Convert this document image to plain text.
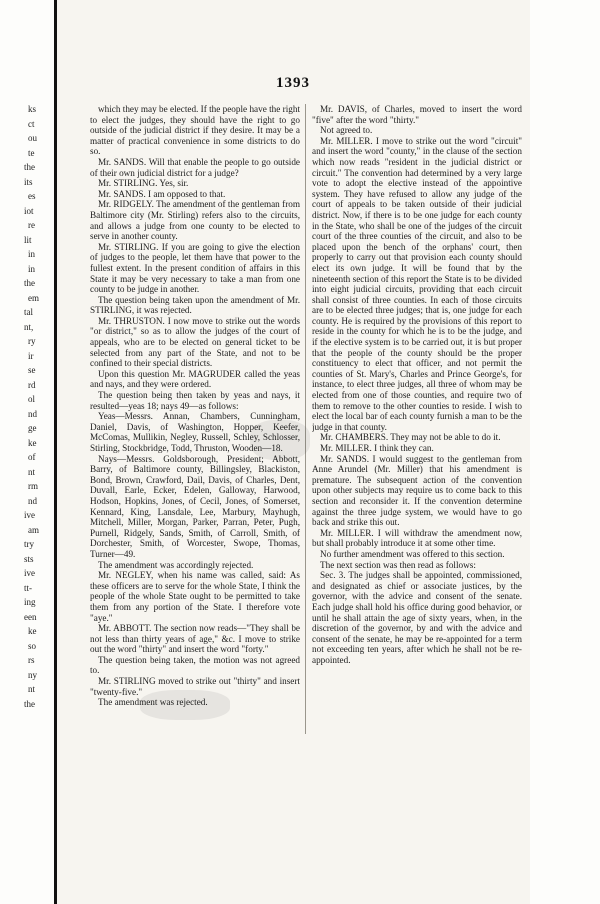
ks
ct
ou
te
the
its
es
iot
re
lit
in
in
the
em
tal
nt,
ry
ir
se
rd
ol
nd
ge
ke
of
nt
rm
nd
ive
am
try
sts
ive
tt-
ing
een
ke
so
rs
ny
nt
the
1393

which they may be elected. If the people have the right to elect the judges, they should have the right to go outside of the judicial district if they desire. It may be a matter of practical convenience in some districts to do so.

Mr. SANDS. Will that enable the people to go outside of their own judicial district for a judge?

Mr. STIRLING. Yes, sir.

Mr. SANDS. I am opposed to that.

Mr. RIDGELY. The amendment of the gentleman from Baltimore city (Mr. Stirling) refers also to the circuits, and allows a judge from one county to be elected to serve in another county.

Mr. STIRLING. If you are going to give the election of judges to the people, let them have that power to the fullest extent. In the present condition of affairs in this State it may be very necessary to take a man from one county to be judge in another.

The question being taken upon the amendment of Mr. STIRLING, it was rejected.

Mr. THRUSTON. I now move to strike out the words "or district," so as to allow the judges of the court of appeals, who are to be elected on general ticket to be selected from any part of the State, and not to be confined to their special districts.

Upon this question Mr. MAGRUDER called the yeas and nays, and they were ordered.

The question being then taken by yeas and nays, it resulted—yeas 18; nays 49—as follows:

Yeas—Messrs. Annan, Chambers, Cunningham, Daniel, Davis, of Washington, Hopper, Keefer, McComas, Mullikin, Negley, Russell, Schley, Schlosser, Stirling, Stockbridge, Todd, Thruston, Wooden—18.

Nays—Messrs. Goldsborough, President; Abbott, Barry, of Baltimore county, Billingsley, Blackiston, Bond, Brown, Crawford, Dail, Davis, of Charles, Dent, Duvall, Earle, Ecker, Edelen, Galloway, Harwood, Hodson, Hopkins, Jones, of Cecil, Jones, of Somerset, Kennard, King, Lansdale, Lee, Marbury, Mayhugh, Mitchell, Miller, Morgan, Parker, Parran, Peter, Pugh, Purnell, Ridgely, Sands, Smith, of Carroll, Smith, of Dorchester, Smith, of Worcester, Swope, Thomas, Turner—49.

The amendment was accordingly rejected.

Mr. NEGLEY, when his name was called, said: As these officers are to serve for the whole State, I think the people of the whole State ought to be permitted to take them from any portion of the State. I therefore vote "aye."

Mr. ABBOTT. The section now reads—"They shall be not less than thirty years of age," &c. I move to strike out the word "thirty" and insert the word "forty."

The question being taken, the motion was not agreed to.

Mr. STIRLING moved to strike out "thirty" and insert "twenty-five."

The amendment was rejected.

Mr. DAVIS, of Charles, moved to insert the word "five" after the word "thirty."

Not agreed to.

Mr. MILLER. I move to strike out the word "circuit" and insert the word "county," in the clause of the section which now reads "resident in the judicial district or circuit." The convention had determined by a very large vote to adopt the elective instead of the appointive system. They have refused to allow any judge of the court of appeals to be taken outside of their judicial district. Now, if there is to be one judge for each county in the State, who shall be one of the judges of the circuit court of the three counties of the circuit, and also to be placed upon the bench of the orphans' court, then properly to carry out that provision each county should elect its own judge. It will be found that by the nineteenth section of this report the State is to be divided into eight judicial circuits, providing that each circuit shall consist of three counties. In each of those circuits are to be elected three judges; that is, one judge for each county. He is required by the provisions of this report to reside in the county for which he is to be the judge, and if the elective system is to be carried out, it is but proper that the people of the county should be the proper constituency to elect that officer, and not permit the counties of St. Mary's, Charles and Prince George's, for instance, to elect three judges, all three of whom may be elected from one of those counties, and require two of them to remove to the other counties to reside. I wish to elect the local bar of each county furnish a man to be the judge in that county.

Mr. CHAMBERS. They may not be able to do it.

Mr. MILLER. I think they can.

Mr. SANDS. I would suggest to the gentleman from Anne Arundel (Mr. Miller) that his amendment is premature. The subsequent action of the convention upon other subjects may require us to come back to this section and reconsider it. If the convention determine against the three judge system, we would have to go back and strike this out.

Mr. MILLER. I will withdraw the amendment now, but shall probably introduce it at some other time.

No further amendment was offered to this section.

The next section was then read as follows:

Sec. 3. The judges shall be appointed, commissioned, and designated as chief or associate justices, by the governor, with the advice and consent of the senate. Each judge shall hold his office during good behavior, or until he shall attain the age of sixty years, when, in the discretion of the governor, by and with the advice and consent of the senate, he may be re-appointed for a term not exceeding ten years, after which he shall not be re-appointed.
